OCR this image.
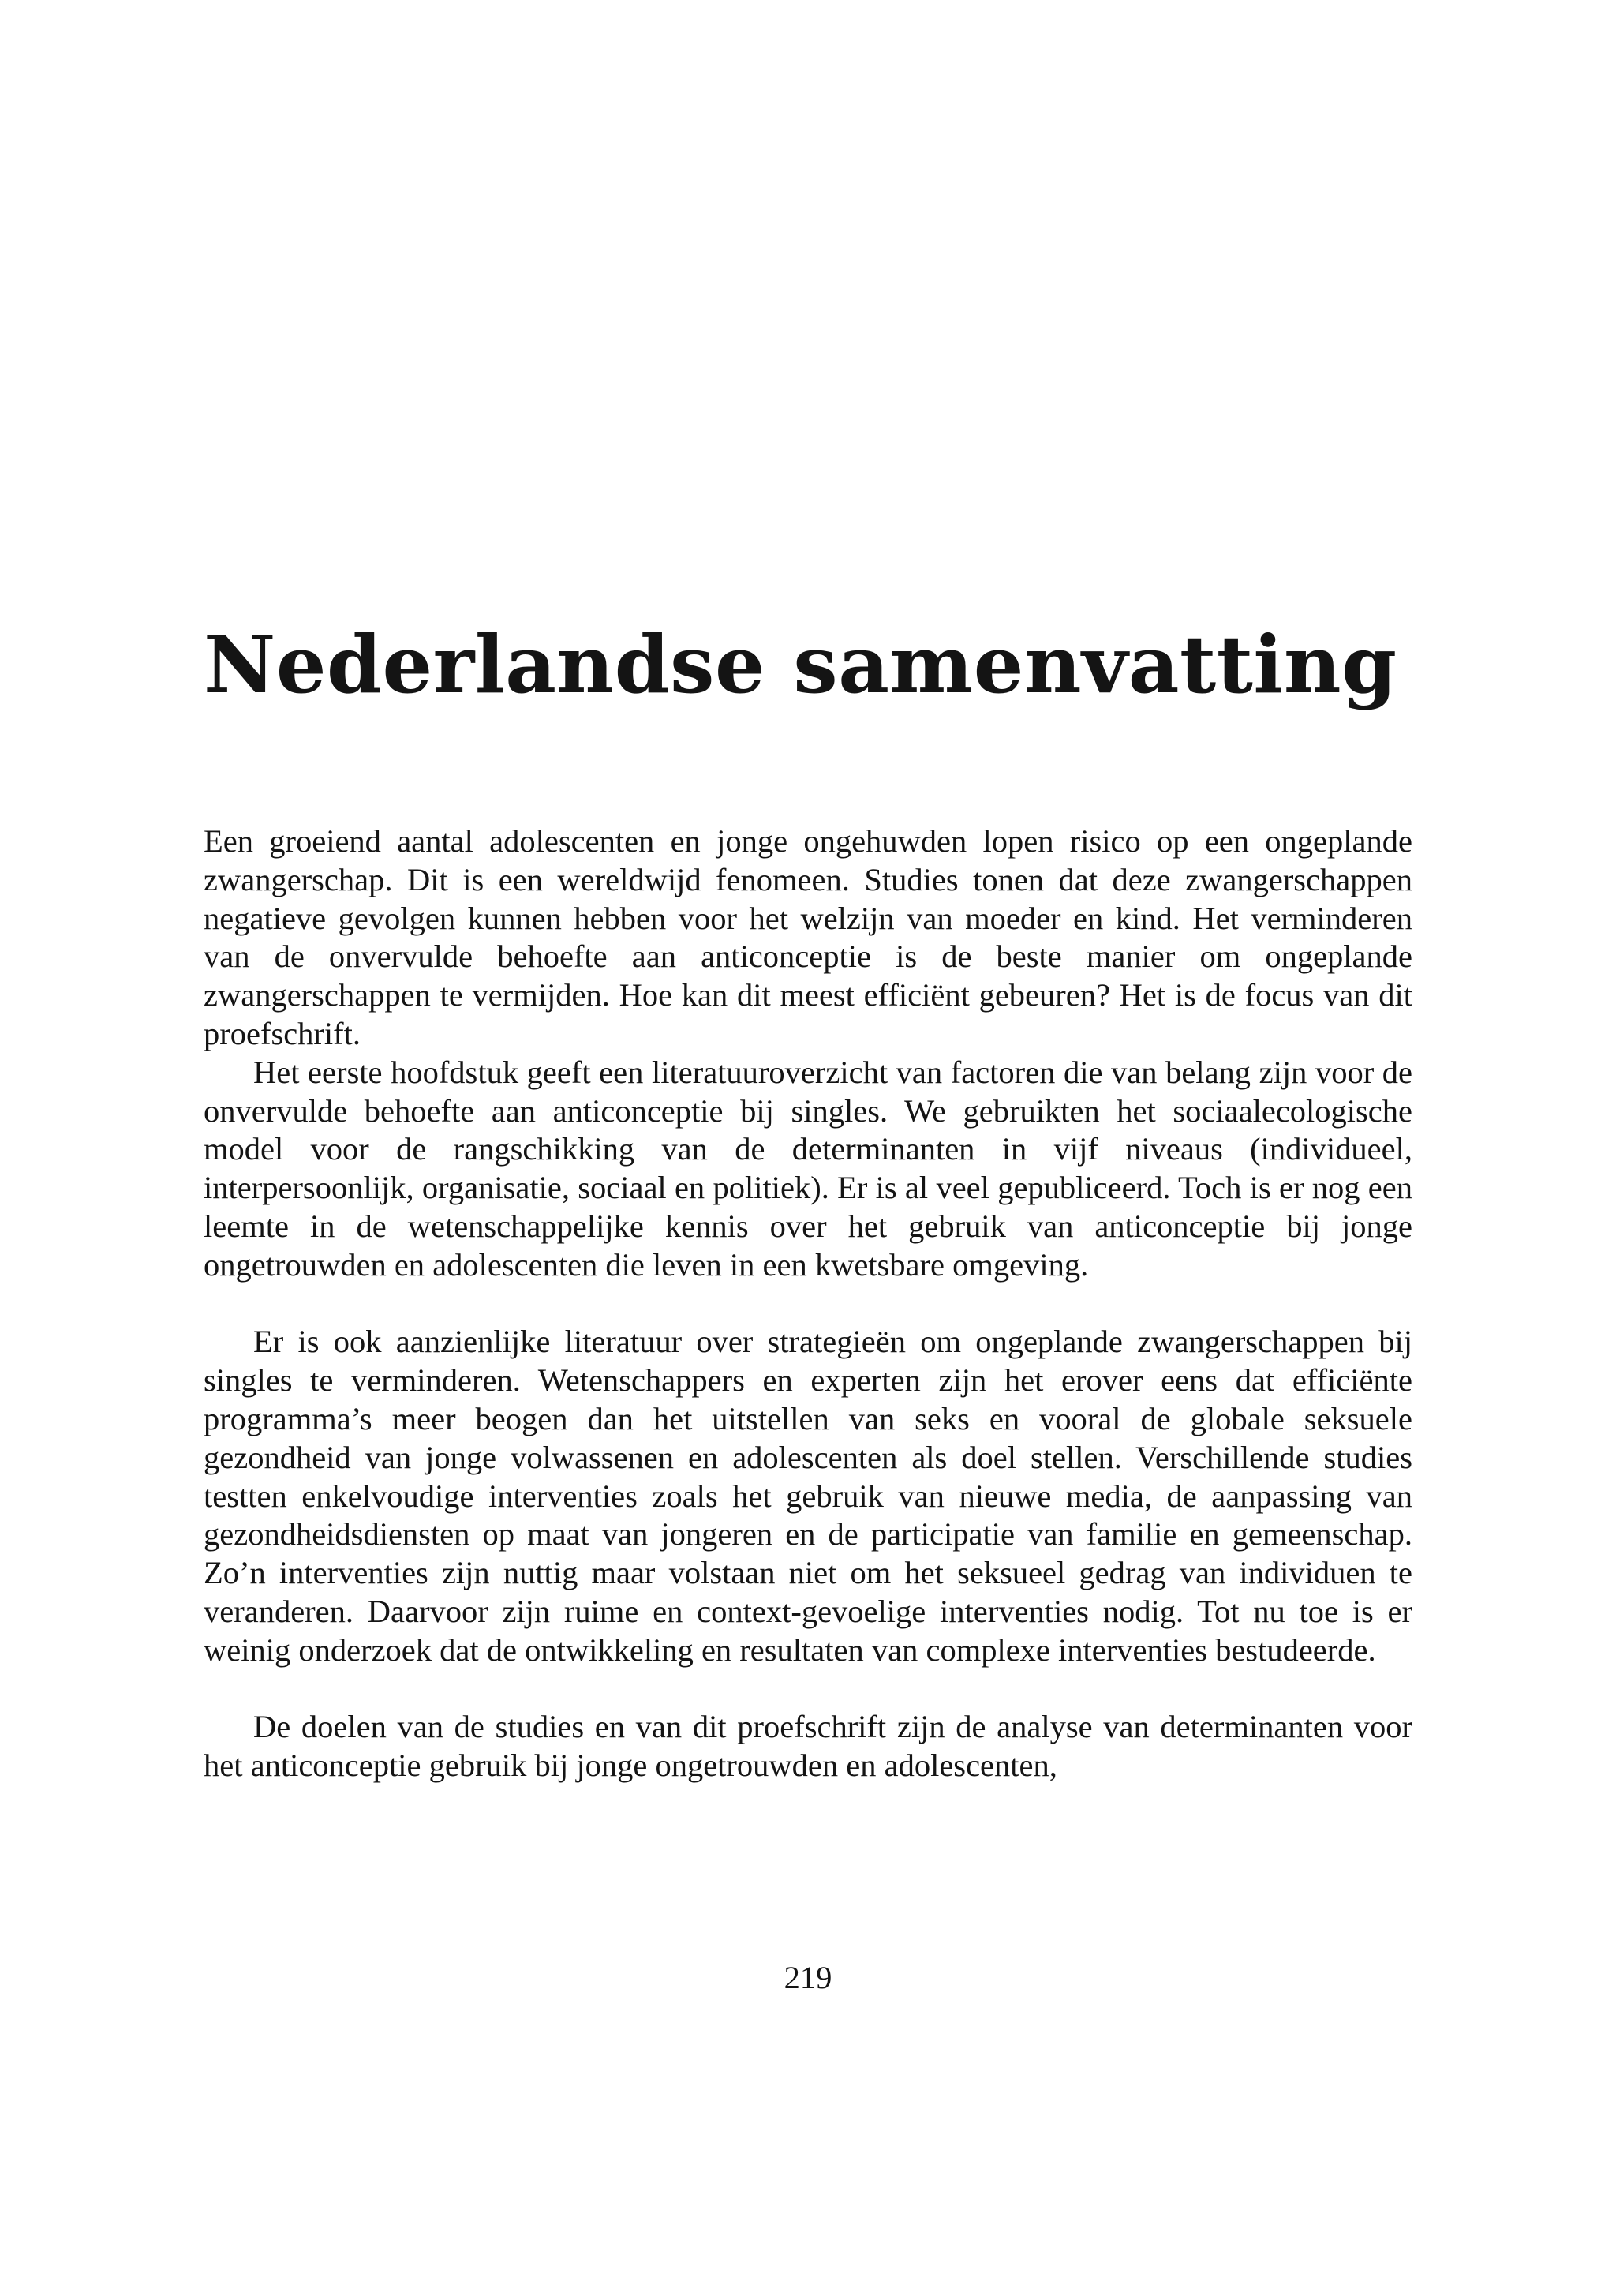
Nederlandse samenvatting

Een groeiend aantal adolescenten en jonge ongehuwden lopen risico op een ongeplande zwangerschap. Dit is een wereldwijd fenomeen. Studies tonen dat deze zwangerschappen negatieve gevolgen kunnen hebben voor het welzijn van moeder en kind. Het verminderen van de onvervulde behoefte aan anticonceptie is de beste manier om ongeplande zwangerschappen te vermijden. Hoe kan dit meest efficiënt gebeuren? Het is de focus van dit proefschrift.

Het eerste hoofdstuk geeft een literatuuroverzicht van factoren die van belang zijn voor de onvervulde behoefte aan anticonceptie bij singles. We gebruikten het sociaalecologische model voor de rangschikking van de determinanten in vijf niveaus (individueel, interpersoonlijk, organisatie, sociaal en politiek). Er is al veel gepubliceerd. Toch is er nog een leemte in de wetenschappelijke kennis over het gebruik van anticonceptie bij jonge ongetrouwden en adolescenten die leven in een kwetsbare omgeving.

Er is ook aanzienlijke literatuur over strategieën om ongeplande zwangerschappen bij singles te verminderen. Wetenschappers en experten zijn het erover eens dat efficiënte programma’s meer beogen dan het uitstellen van seks en vooral de globale seksuele gezondheid van jonge volwassenen en adolescenten als doel stellen. Verschillende studies testten enkelvoudige interventies zoals het gebruik van nieuwe media, de aanpassing van gezondheidsdiensten op maat van jongeren en de participatie van familie en gemeenschap. Zo’n interventies zijn nuttig maar volstaan niet om het seksueel gedrag van individuen te veranderen. Daarvoor zijn ruime en context-gevoelige interventies nodig. Tot nu toe is er weinig onderzoek dat de ontwikkeling en resultaten van complexe interventies bestudeerde.

De doelen van de studies en van dit proefschrift zijn de analyse van determinanten voor het anticonceptie gebruik bij jonge ongetrouwden en adolescenten,

219
